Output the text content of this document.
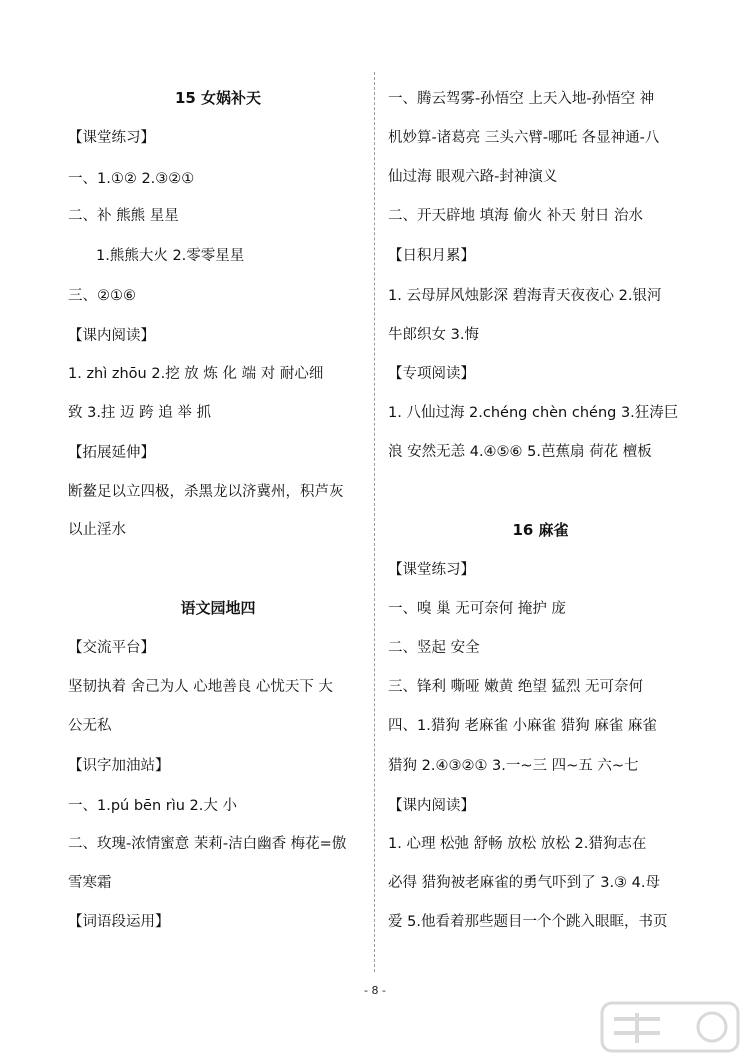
15 女娲补天
【课堂练习】
一、1.①② 2.③②①
二、补 熊熊 星星
1.熊熊大火 2.零零星星
三、②①⑥
【课内阅读】
1. zhì zhōu 2.挖 放 炼 化 端 对 耐心细
致 3.拄 迈 跨 追 举 抓
【拓展延伸】
断鳌足以立四极，杀黑龙以济冀州，积芦灰
以止淫水
语文园地四
【交流平台】
坚韧执着 舍己为人 心地善良 心忧天下 大
公无私
【识字加油站】
一、1.pú bēn rìu 2.大 小
二、玫瑰-浓情蜜意 茉莉-洁白幽香 梅花=傲
雪寒霜
【词语段运用】
一、腾云驾雾-孙悟空 上天入地-孙悟空 神
机妙算-诸葛亮 三头六臂-哪吒 各显神通-八
仙过海 眼观六路-封神演义
二、开天辟地 填海 偷火 补天 射日 治水
【日积月累】
1. 云母屏风烛影深 碧海青天夜夜心 2.银河
牛郎织女 3.悔
【专项阅读】
1. 八仙过海 2.chéng chèn chéng 3.狂涛巨
浪 安然无恙 4.④⑤⑥ 5.芭蕉扇 荷花 檀板
16 麻雀
【课堂练习】
一、嗅 巢 无可奈何 掩护 庞
二、竖起 安全
三、锋利 嘶哑 嫩黄 绝望 猛烈 无可奈何
四、1.猎狗 老麻雀 小麻雀 猎狗 麻雀 麻雀
猎狗 2.④③②① 3.一~三 四~五 六~七
【课内阅读】
1. 心理 松弛 舒畅 放松 放松 2.猎狗志在
必得 猎狗被老麻雀的勇气吓到了 3.③ 4.母
爱 5.他看着那些题目一个个跳入眼眶，书页
- 8 -
